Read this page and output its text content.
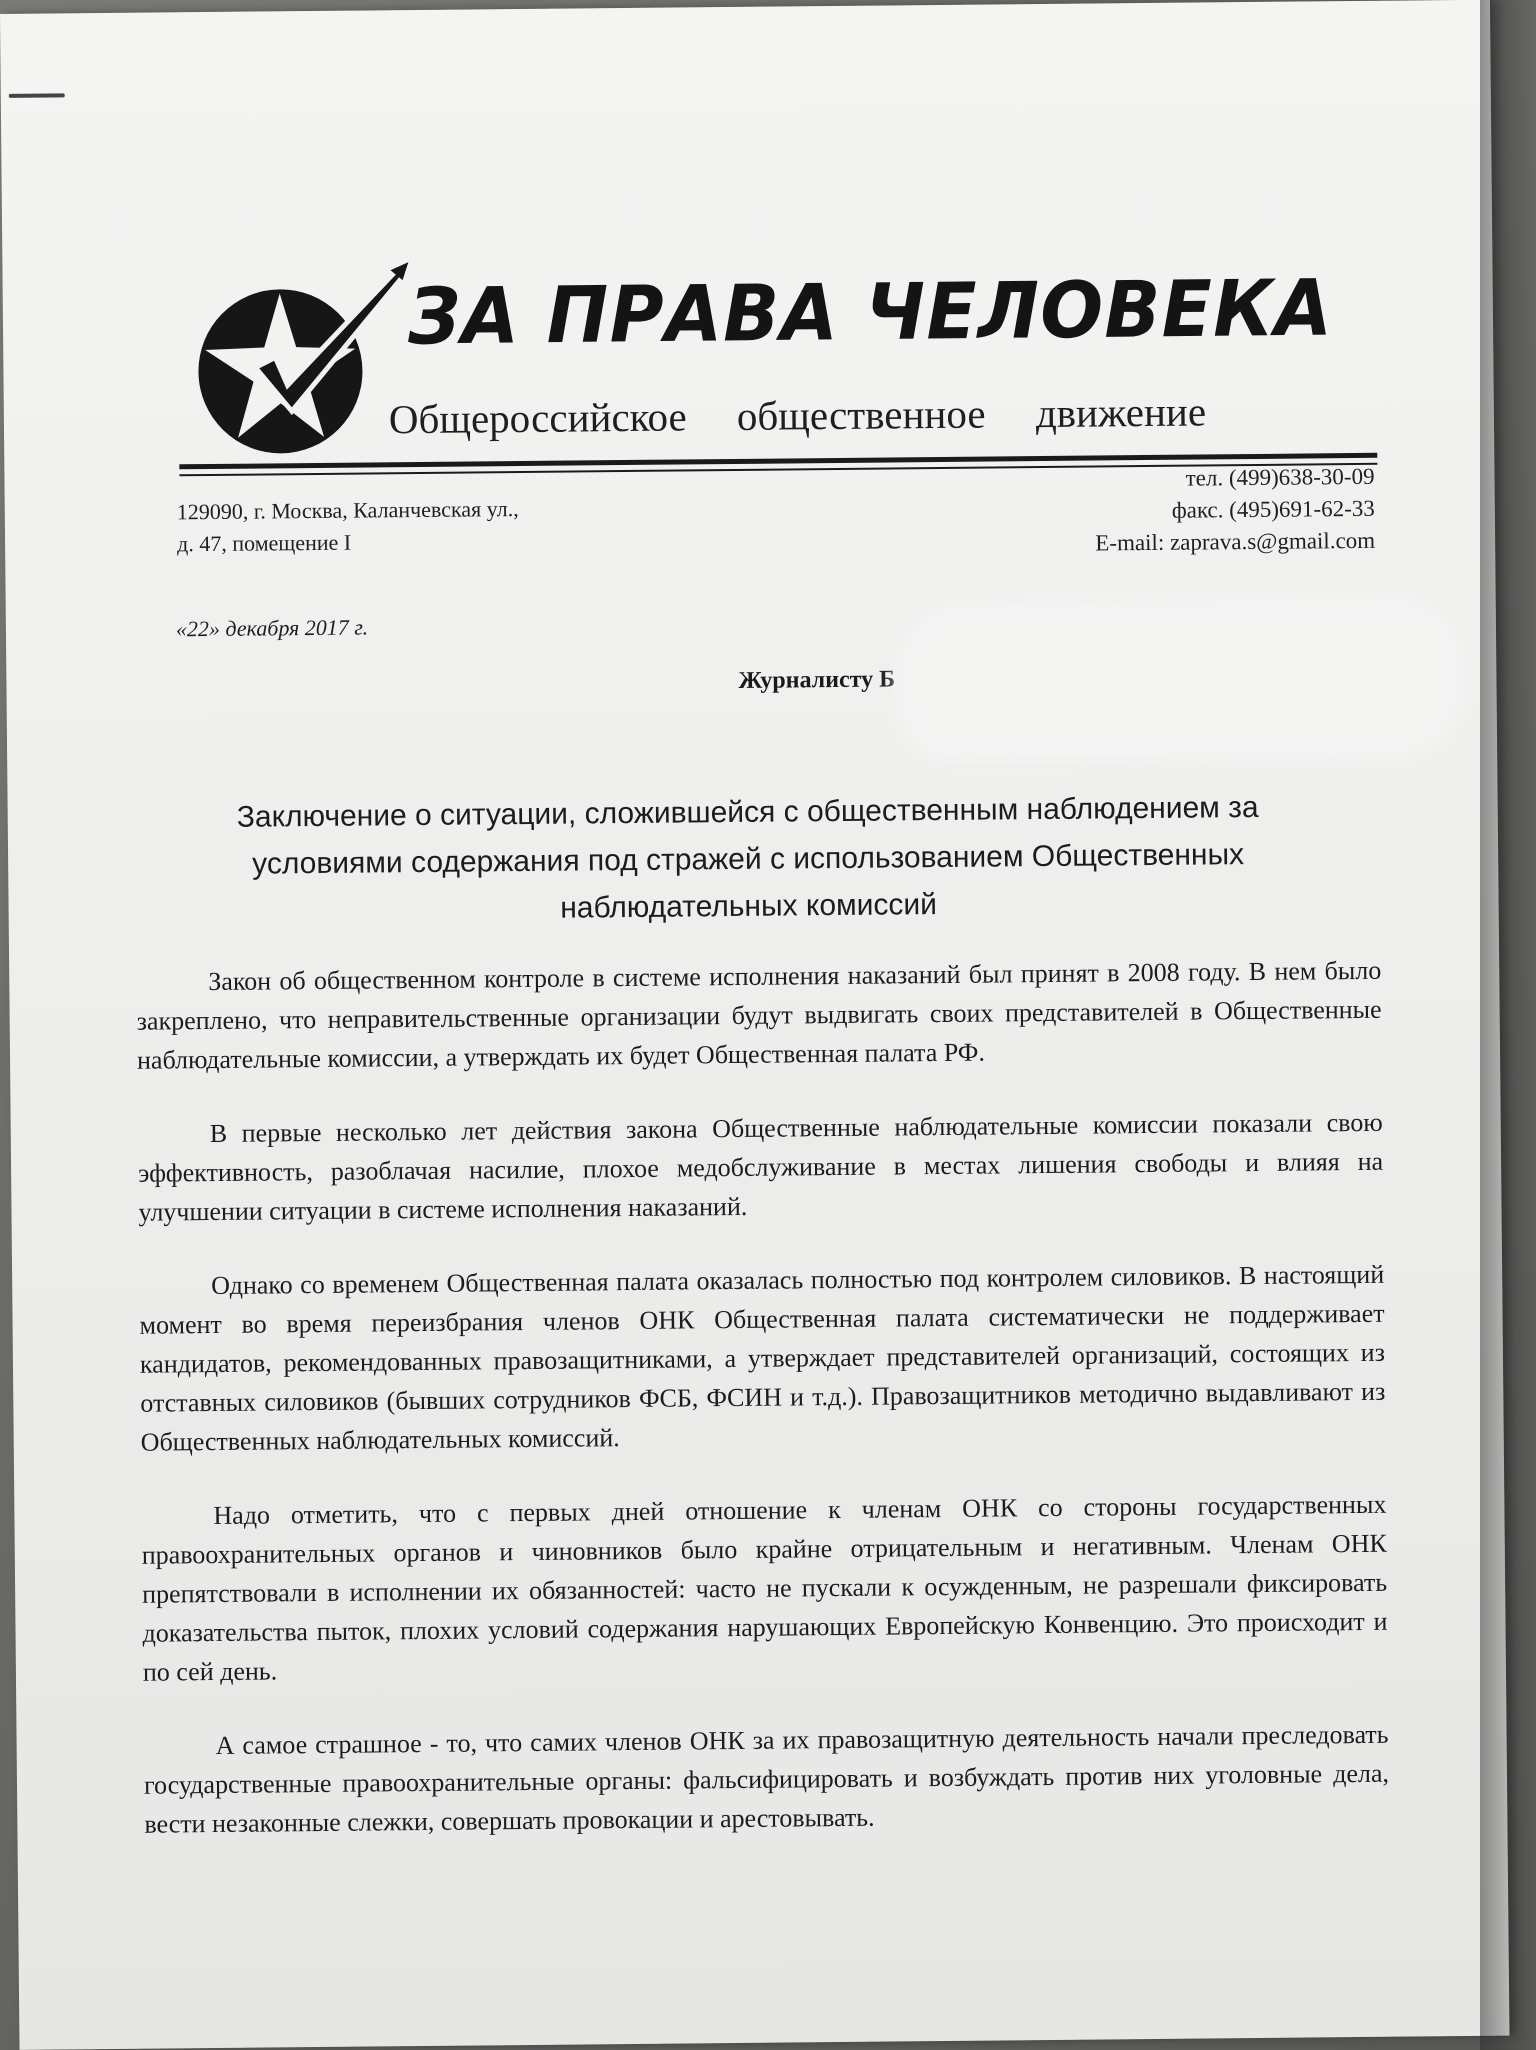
ЗА ПРАВА ЧЕЛОВЕКА
Общероссийское общественное движение
129090, г. Москва, Каланчевская ул.,
д. 47, помещение I
тел. (499)638-30-09
факс. (495)691-62-33
E-mail: zaprava.s@gmail.com
«22» декабря 2017 г.
Журналисту Б
Заключение о ситуации, сложившейся с общественным наблюдением за
условиями содержания под стражей с использованием Общественных
наблюдательных комиссий

Закон об общественном контроле в системе исполнения наказаний был принят в 2008 году. В нем было закреплено, что неправительственные организации будут выдвигать своих представителей в Общественные наблюдательные комиссии, а утверждать их будет Общественная палата РФ.

В первые несколько лет действия закона Общественные наблюдательные комиссии показали свою эффективность, разоблачая насилие, плохое медобслуживание в местах лишения свободы и влияя на улучшении ситуации в системе исполнения наказаний.

Однако со временем Общественная палата оказалась полностью под контролем силовиков. В настоящий момент во время переизбрания членов ОНК Общественная палата систематически не поддерживает кандидатов, рекомендованных правозащитниками, а утверждает представителей организаций, состоящих из отставных силовиков (бывших сотрудников ФСБ, ФСИН и т.д.). Правозащитников методично выдавливают из Общественных наблюдательных комиссий.

Надо отметить, что с первых дней отношение к членам ОНК со стороны государственных правоохранительных органов и чиновников было крайне отрицательным и негативным. Членам ОНК препятствовали в исполнении их обязанностей: часто не пускали к осужденным, не разрешали фиксировать доказательства пыток, плохих условий содержания нарушающих Европейскую Конвенцию. Это происходит и по сей день.

А самое страшное - то, что самих членов ОНК за их правозащитную деятельность начали преследовать государственные правоохранительные органы: фальсифицировать и возбуждать против них уголовные дела, вести незаконные слежки, совершать провокации и арестовывать.
